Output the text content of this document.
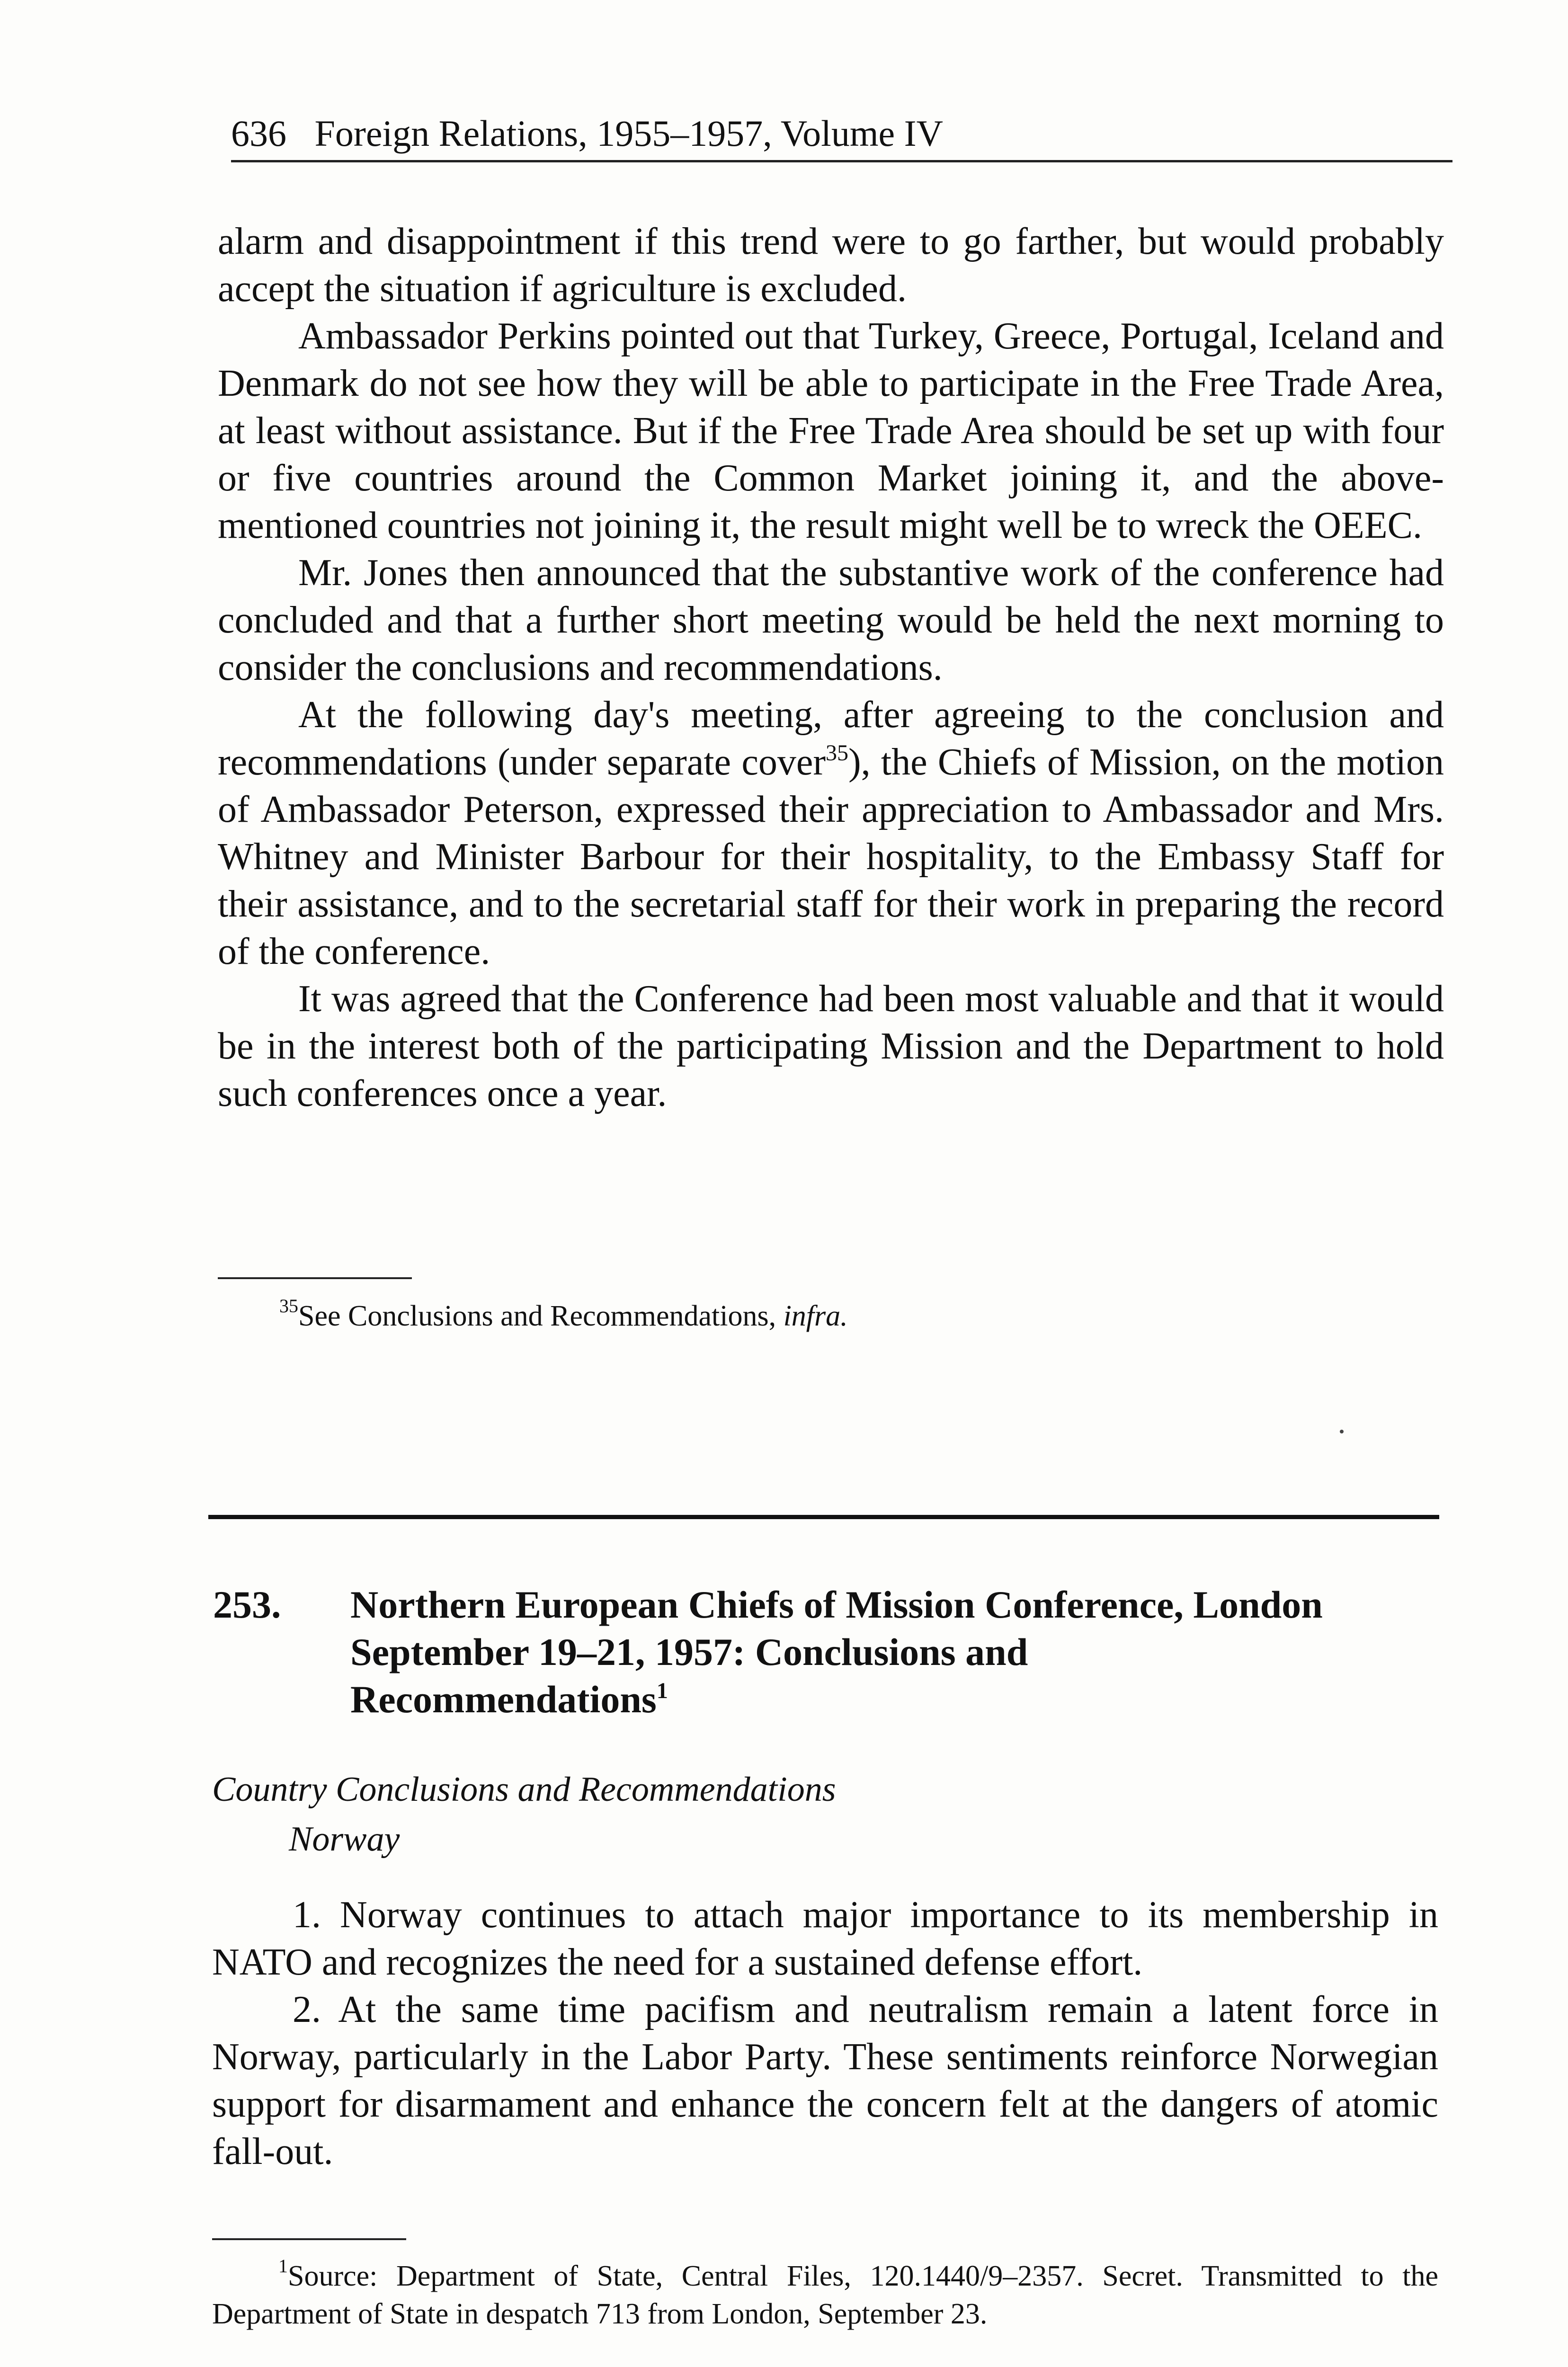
636 Foreign Relations, 1955–1957, Volume IV

alarm and disappointment if this trend were to go farther, but would probably accept the situation if agriculture is excluded.

Ambassador Perkins pointed out that Turkey, Greece, Portugal, Iceland and Denmark do not see how they will be able to participate in the Free Trade Area, at least without assistance. But if the Free Trade Area should be set up with four or five countries around the Common Market joining it, and the above-mentioned countries not joining it, the result might well be to wreck the OEEC.

Mr. Jones then announced that the substantive work of the conference had concluded and that a further short meeting would be held the next morning to consider the conclusions and recommendations.

At the following day's meeting, after agreeing to the conclusion and recommendations (under separate cover$^{35}$), the Chiefs of Mission, on the motion of Ambassador Peterson, expressed their appreciation to Ambassador and Mrs. Whitney and Minister Barbour for their hospitality, to the Embassy Staff for their assistance, and to the secretarial staff for their work in preparing the record of the conference.

It was agreed that the Conference had been most valuable and that it would be in the interest both of the participating Mission and the Department to hold such conferences once a year.

$^{35}$See Conclusions and Recommendations, infra.
253. Northern European Chiefs of Mission Conference, London

September 19–21, 1957: Conclusions and

Recommendations$^1$

Country Conclusions and Recommendations
Norway

1. Norway continues to attach major importance to its membership in NATO and recognizes the need for a sustained defense effort.

2. At the same time pacifism and neutralism remain a latent force in Norway, particularly in the Labor Party. These sentiments reinforce Norwegian support for disarmament and enhance the concern felt at the dangers of atomic fall-out.

$^1$Source: Department of State, Central Files, 120.1440/9–2357. Secret. Transmitted to the Department of State in despatch 713 from London, September 23.
